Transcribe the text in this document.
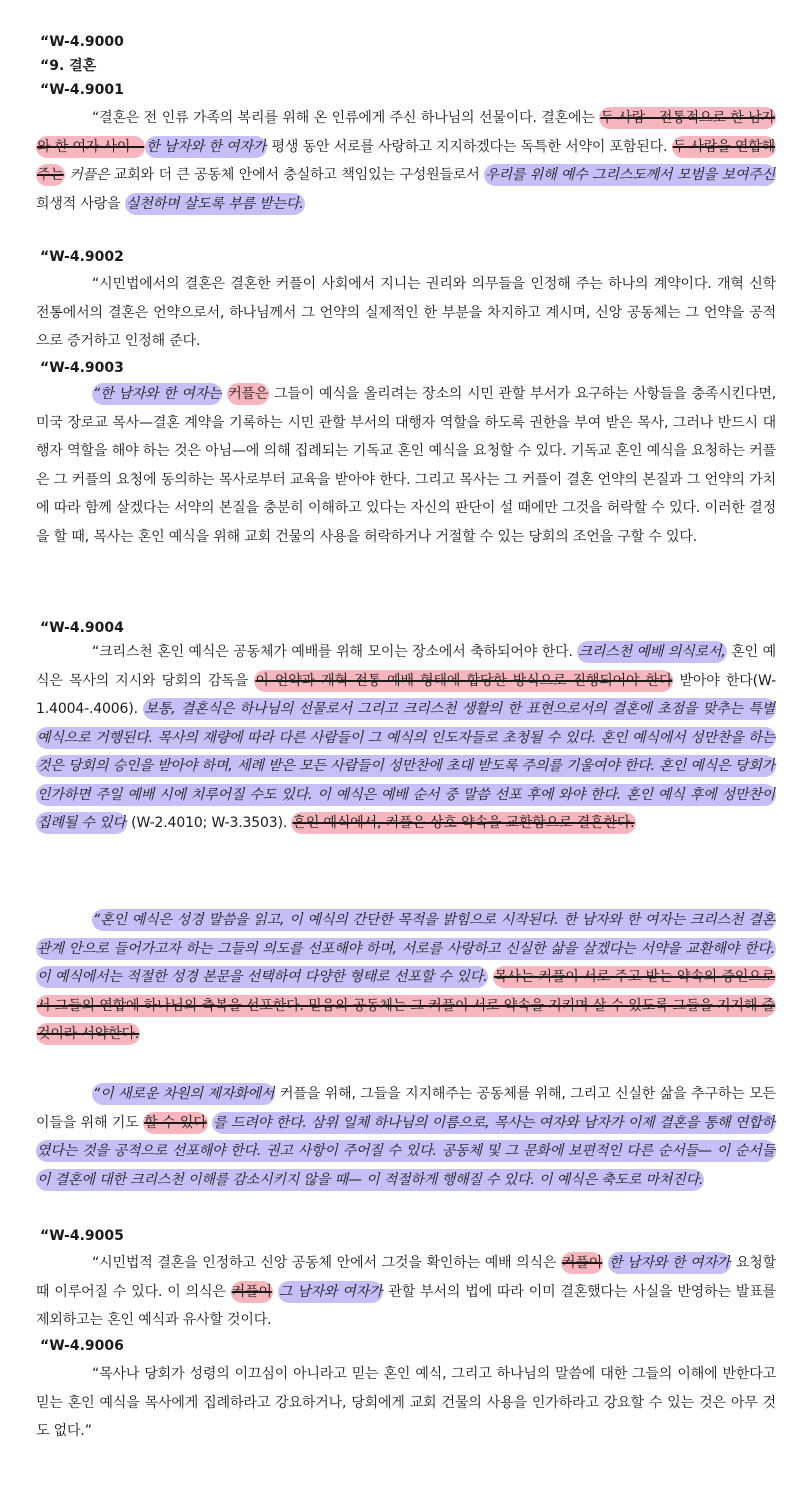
“W-4.9000
“9. 결혼
“W-4.9001
“결혼은 전 인류 가족의 복리를 위해 온 인류에게 주신 하나님의 선물이다. 결혼에는 두 사람—전통적으로 한 남자와 한 여자 사이— 한 남자와 한 여자가 평생 동안 서로를 사랑하고 지지하겠다는 독특한 서약이 포함된다. 두 사람을 연합해주는 커플은 교회와 더 큰 공동체 안에서 충실하고 책임있는 구성원들로서 우리를 위해 예수 그리스도께서 모범을 보여주신 희생적 사랑을 실천하며 살도록 부름 받는다.
“W-4.9002
“시민법에서의 결혼은 결혼한 커플이 사회에서 지니는 권리와 의무들을 인정해 주는 하나의 계약이다. 개혁 신학 전통에서의 결혼은 언약으로서, 하나님께서 그 언약의 실제적인 한 부분을 차지하고 계시며, 신앙 공동체는 그 언약을 공적으로 증거하고 인정해 준다.
“W-4.9003
“한 남자와 한 여자는 커플은 그들이 예식을 올리려는 장소의 시민 관할 부서가 요구하는 사항들을 충족시킨다면, 미국 장로교 목사—결혼 계약을 기록하는 시민 관할 부서의 대행자 역할을 하도록 권한을 부여 받은 목사, 그러나 반드시 대행자 역할을 해야 하는 것은 아님—에 의해 집례되는 기독교 혼인 예식을 요청할 수 있다. 기독교 혼인 예식을 요청하는 커플은 그 커플의 요청에 동의하는 목사로부터 교육을 받아야 한다. 그리고 목사는 그 커플이 결혼 언약의 본질과 그 언약의 가치에 따라 함께 살겠다는 서약의 본질을 충분히 이해하고 있다는 자신의 판단이 설 때에만 그것을 허락할 수 있다. 이러한 결정을 할 때, 목사는 혼인 예식을 위해 교회 건물의 사용을 허락하거나 거절할 수 있는 당회의 조언을 구할 수 있다.
“W-4.9004
“크리스천 혼인 예식은 공동체가 예배를 위해 모이는 장소에서 축하되어야 한다. 크리스천 예배 의식로서, 혼인 예식은 목사의 지시와 당회의 감독을 이 언약과 개혁 전통 예배 형태에 합당한 방식으로 진행되어야 한다 받아야 한다(W-1.4004-.4006). 보통, 결혼식은 하나님의 선물로서 그리고 크리스천 생활의 한 표현으로서의 결혼에 초점을 맞추는 특별 예식으로 거행된다. 목사의 재량에 따라 다른 사람들이 그 예식의 인도자들로 초청될 수 있다. 혼인 예식에서 성만찬을 하는 것은 당회의 승인을 받아야 하며, 세례 받은 모든 사람들이 성만찬에 초대 받도록 주의를 기울여야 한다. 혼인 예식은 당회가 인가하면 주일 예배 시에 치루어질 수도 있다. 이 예식은 예배 순서 중 말씀 선포 후에 와야 한다. 혼인 예식 후에 성만찬이 집례될 수 있다 (W-2.4010; W-3.3503). 혼인 예식에서, 커플은 상호 약속을 교환함으로 결혼한다.
“혼인 예식은 성경 말씀을 읽고, 이 예식의 간단한 목적을 밝힘으로 시작된다. 한 남자와 한 여자는 크리스천 결혼 관계 안으로 들어가고자 하는 그들의 의도를 선포해야 하며, 서로를 사랑하고 신실한 삶을 살겠다는 서약을 교환해야 한다. 이 예식에서는 적절한 성경 본문을 선택하여 다양한 형태로 선포할 수 있다. 목사는 커플이 서로 주고 받는 약속의 증인으로서 그들의 연합에 하나님의 축복을 선포한다. 믿음의 공동체는 그 커플이 서로 약속을 지키며 살 수 있도록 그들을 지지해 줄 것이라 서약한다.
“이 새로운 차원의 제자화에서 커플을 위해, 그들을 지지해주는 공동체를 위해, 그리고 신실한 삶을 추구하는 모든 이들을 위해 기도 할 수 있다 를 드려야 한다. 삼위 일체 하나님의 이름으로, 목사는 여자와 남자가 이제 결혼을 통해 연합하였다는 것을 공적으로 선포해야 한다. 권고 사항이 주어질 수 있다. 공동체 및 그 문화에 보편적인 다른 순서들— 이 순서들이 결혼에 대한 크리스천 이해를 감소시키지 않을 때— 이 적절하게 행해질 수 있다. 이 예식은 축도로 마쳐진다.
“W-4.9005
“시민법적 결혼을 인정하고 신앙 공동체 안에서 그것을 확인하는 예배 의식은 커플이 한 남자와 한 여자가 요청할 때 이루어질 수 있다. 이 의식은 커플이 그 남자와 여자가 관할 부서의 법에 따라 이미 결혼했다는 사실을 반영하는 발표를 제외하고는 혼인 예식과 유사할 것이다.
“W-4.9006
“목사나 당회가 성령의 이끄심이 아니라고 믿는 혼인 예식, 그리고 하나님의 말씀에 대한 그들의 이해에 반한다고 믿는 혼인 예식을 목사에게 집례하라고 강요하거나, 당회에게 교회 건물의 사용을 인가하라고 강요할 수 있는 것은 아무 것도 없다.”
